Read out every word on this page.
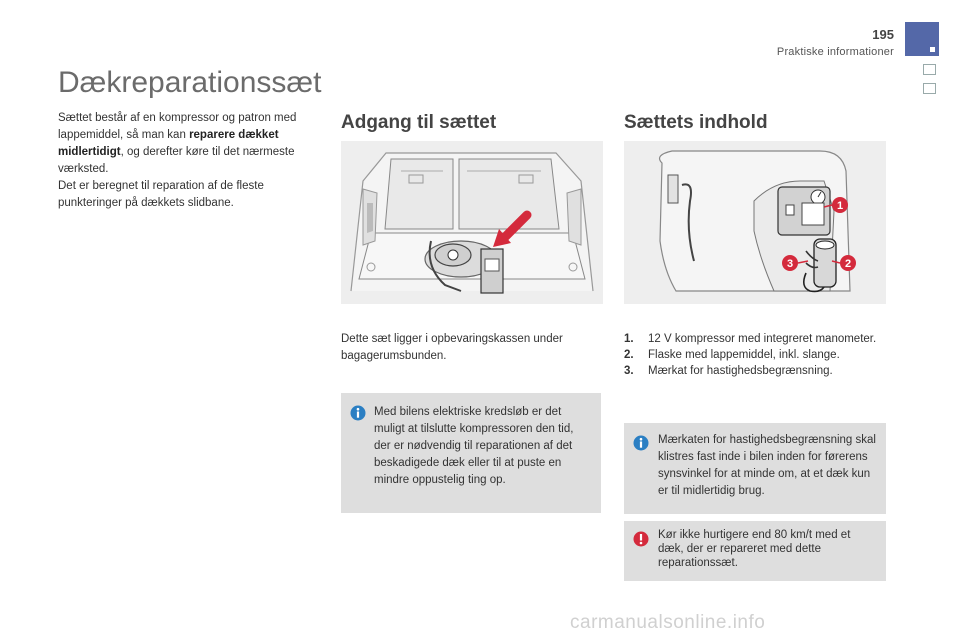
195
Praktiske informationer
Dækreparationssæt

Sættet består af en kompressor og patron med lappemiddel, så man kan reparere dækket midlertidigt, og derefter køre til det nærmeste værksted.
Det er beregnet til reparation af de fleste punkteringer på dækkets slidbane.

Adgang til sættet

Dette sæt ligger i opbevaringskassen under bagagerumsbunden.

Med bilens elektriske kredsløb er det muligt at tilslutte kompressoren den tid, der er nødvendig til reparationen af det beskadigede dæk eller til at puste en mindre oppustelig ting op.

Sættets indhold
1
2
3
1. 12 V kompressor med integreret manometer.
2. Flaske med lappemiddel, inkl. slange.
3. Mærkat for hastighedsbegrænsning.

Mærkaten for hastighedsbegrænsning skal klistres fast inde i bilen inden for førerens synsvinkel for at minde om, at et dæk kun er til midlertidig brug.

Kør ikke hurtigere end 80 km/t med et dæk, der er repareret med dette reparationssæt.

carmanualsonline.info
